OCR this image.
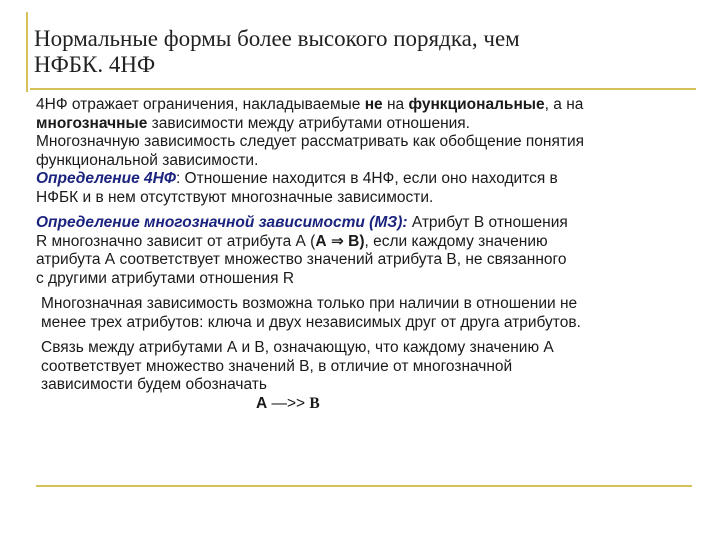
Нормальные формы более высокого порядка, чем
НФБК. 4НФ

4НФ отражает ограничения, накладываемые не на функциональные, а на
многозначные зависимости между атрибутами отношения.

Многозначную зависимость следует рассматривать как обобщение понятия
функциональной зависимости.

Определение 4НФ: Отношение находится в 4НФ, если оно находится в
НФБК и в нем отсутствуют многозначные зависимости.

Определение многозначной зависимости (МЗ): Атрибут В отношения
R многозначно зависит от атрибута А (А ⇒ В), если каждому значению
атрибута А соответствует множество значений атрибута В, не связанного
с другими атрибутами отношения R

Многозначная зависимость возможна только при наличии в отношении не
менее трех атрибутов: ключа и двух независимых друг от друга атрибутов.

Связь между атрибутами А и В, означающую, что каждому значению А
соответствует множество значений В, в отличие от многозначной
зависимости будем обозначать

А —>> B
